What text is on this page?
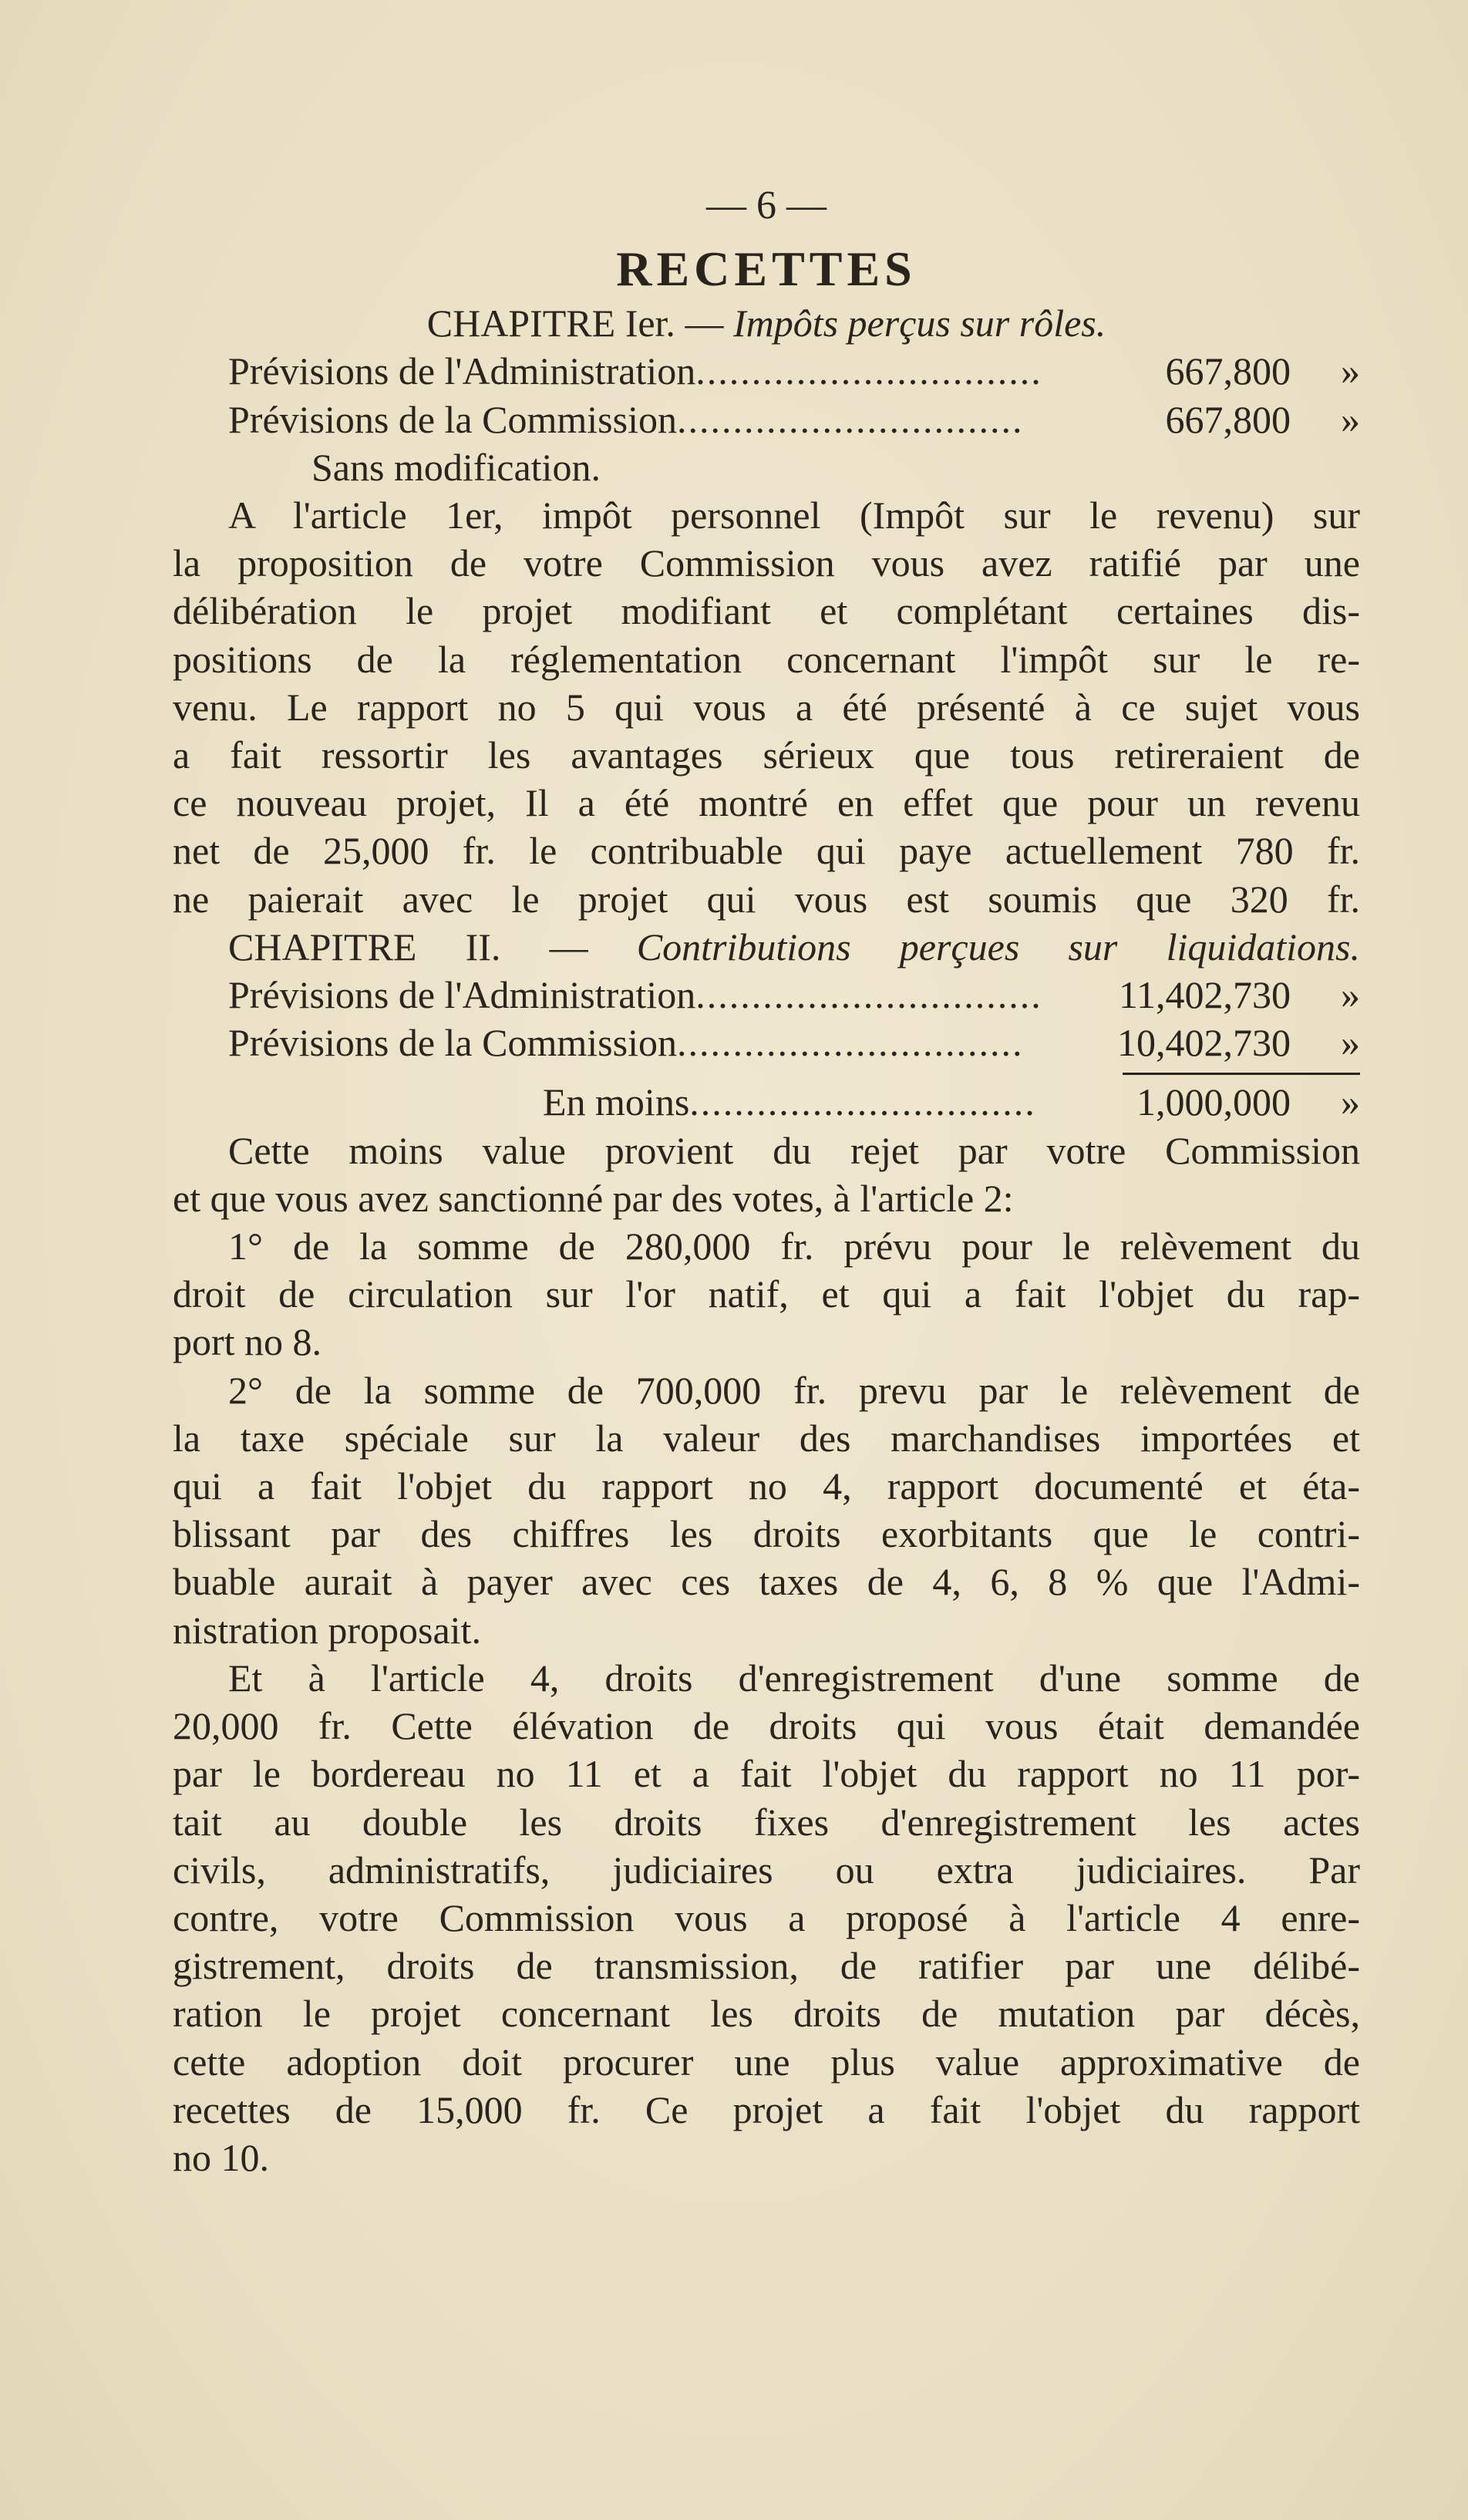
— 6 —
RECETTES
CHAPITRE Ier. — Impôts perçus sur rôles.
Prévisions de l'Administration ...............................	667,800	»
Prévisions de la Commission ...............................	667,800	»
Sans modification.
A l'article 1er, impôt personnel (Impôt sur le revenu) sur
la proposition de votre Commission vous avez ratifié par une
délibération le projet modifiant et complétant certaines dis-
positions de la réglementation concernant l'impôt sur le re-
venu. Le rapport no 5 qui vous a été présenté à ce sujet vous
a fait ressortir les avantages sérieux que tous retireraient de
ce nouveau projet, Il a été montré en effet que pour un revenu
net de 25,000 fr. le contribuable qui paye actuellement 780 fr.
ne paierait avec le projet qui vous est soumis que 320 fr.
CHAPITRE II. — Contributions perçues sur liquidations.
Prévisions de l'Administration ...............................	11,402,730	»
Prévisions de la Commission ...............................	10,402,730	»
En moins ...............................	1,000,000	»
Cette moins value provient du rejet par votre Commission
et que vous avez sanctionné par des votes, à l'article 2:
1° de la somme de 280,000 fr. prévu pour le relèvement du
droit de circulation sur l'or natif, et qui a fait l'objet du rap-
port no 8.
2° de la somme de 700,000 fr. prevu par le relèvement de
la taxe spéciale sur la valeur des marchandises importées et
qui a fait l'objet du rapport no 4, rapport documenté et éta-
blissant par des chiffres les droits exorbitants que le contri-
buable aurait à payer avec ces taxes de 4, 6, 8 % que l'Admi-
nistration proposait.
Et à l'article 4, droits d'enregistrement d'une somme de
20,000 fr. Cette élévation de droits qui vous était demandée
par le bordereau no 11 et a fait l'objet du rapport no 11 por-
tait au double les droits fixes d'enregistrement les actes
civils, administratifs, judiciaires ou extra judiciaires. Par
contre, votre Commission vous a proposé à l'article 4 enre-
gistrement, droits de transmission, de ratifier par une délibé-
ration le projet concernant les droits de mutation par décès,
cette adoption doit procurer une plus value approximative de
recettes de 15,000 fr. Ce projet a fait l'objet du rapport
no 10.
